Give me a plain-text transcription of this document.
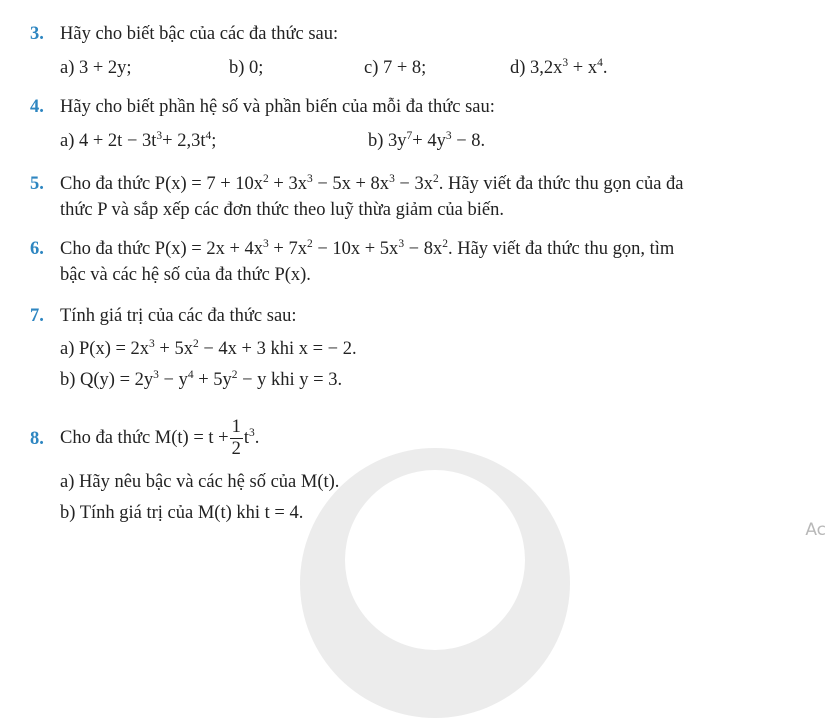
3. Hãy cho biết bậc của các đa thức sau:
a) 3 + 2y;	b) 0;	c) 7 + 8;	d) $3,2x^3 + x^4$.
4. Hãy cho biết phần hệ số và phần biến của mỗi đa thức sau:
a) $4 + 2t - 3t^3+ 2,3t^4$;	b) $3y^7+ 4y^3 - 8$.
5. Cho đa thức $P(x) = 7 + 10x^2 + 3x^3 - 5x + 8x^3 - 3x^2$. Hãy viết đa thức thu gọn của đa
thức P và sắp xếp các đơn thức theo luỹ thừa giảm của biến.
6. Cho đa thức $P(x) = 2x + 4x^3 + 7x^2 - 10x + 5x^3 - 8x^2$. Hãy viết đa thức thu gọn, tìm
bậc và các hệ số của đa thức P(x).
7. Tính giá trị của các đa thức sau:
a) $P(x) = 2x^3 + 5x^2 - 4x + 3$ khi x = − 2.
b) $Q(y) = 2y^3 - y^4 + 5y^2 - y$ khi y = 3.
8. Cho đa thức $M(t) = t + \frac{1}{2} t^3$.
a) Hãy nêu bậc và các hệ số của M(t).
b) Tính giá trị của M(t) khi t = 4.
Ac
